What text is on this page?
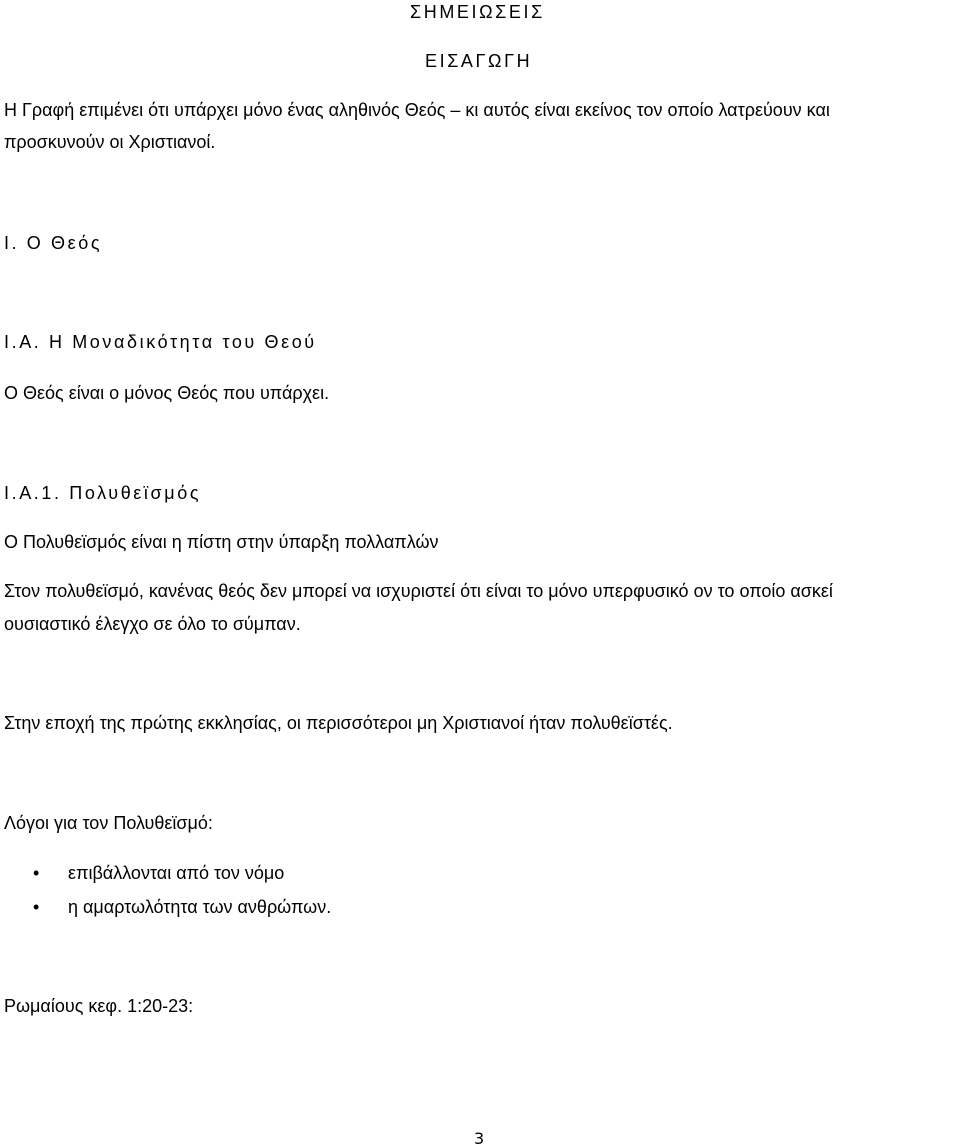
ΣΗΜΕΙΩΣΕΙΣ
ΕΙΣΑΓΩΓΗ
Η Γραφή επιμένει ότι υπάρχει μόνο ένας αληθινός Θεός – κι αυτός είναι εκείνος τον οποίο λατρεύουν και
προσκυνούν οι Χριστιανοί.
Ι. Ο Θεός
Ι.Α. Η Μοναδικότητα του Θεού
Ο Θεός είναι ο μόνος Θεός που υπάρχει.
Ι.Α.1. Πολυθεϊσμός
Ο Πολυθεϊσμός είναι η πίστη στην ύπαρξη πολλαπλών
Στον πολυθεϊσμό, κανένας θεός δεν μπορεί να ισχυριστεί ότι είναι το μόνο υπερφυσικό ον το οποίο ασκεί
ουσιαστικό έλεγχο σε όλο το σύμπαν.
Στην εποχή της πρώτης εκκλησίας, οι περισσότεροι μη Χριστιανοί ήταν πολυθεϊστές.
Λόγοι για τον Πολυθεϊσμό:
• επιβάλλονται από τον νόμο
• η αμαρτωλότητα των ανθρώπων.
Ρωμαίους κεφ. 1:20-23:
3
